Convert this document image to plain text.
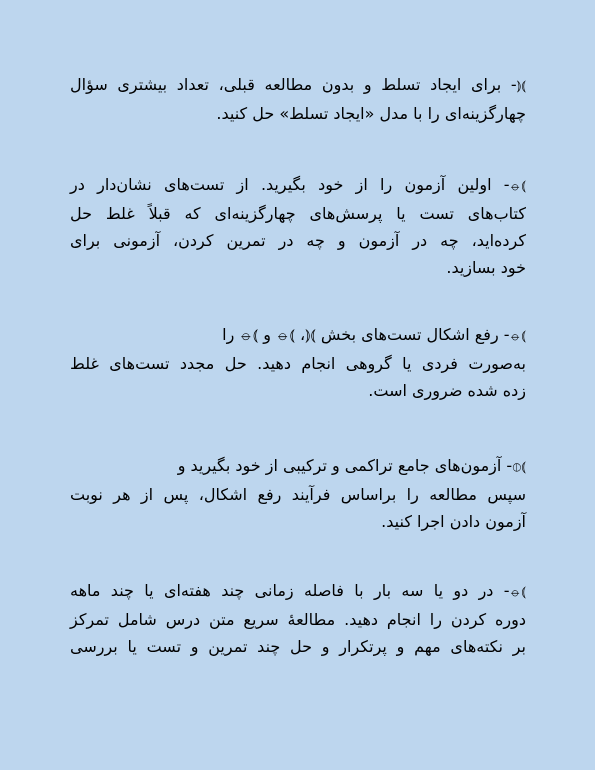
⦆⦅- برای ایجاد تسلط و بدون مطالعه قبلی، تعداد بیشتری سؤال
چهارگزینه‌ای را با مدل «ایجاد تسلط» حل کنید.

⦆⦵- اولین آزمون را از خود بگیرید. از تست‌های نشان‌دار در
کتاب‌های تست یا پرسش‌های چهارگزینه‌ای که قبلاً غلط حل
کرده‌اید، چه در آزمون و چه در تمرین کردن، آزمونی برای
خود بسازید.

⦆⦵- رفع اشکال تست‌های بخش ⦆⦅، ⦆⦵ و ⦆⦵ را
به‌صورت فردی یا گروهی انجام دهید. حل مجدد تست‌های غلط
زده شده ضروری است.

⦆⦶- آزمون‌های جامع تراکمی و ترکیبی از خود بگیرید و
سپس مطالعه را براساس فرآیند رفع اشکال، پس از هر نوبت
آزمون دادن اجرا کنید.

⦆⦵- در دو یا سه بار با فاصله زمانی چند هفته‌ای یا چند ماهه
دوره کردن را انجام دهید. مطالعهٔ سریع متن درس شامل تمرکز
بر نکته‌های مهم و پرتکرار و حل چند تمرین و تست یا بررسی
